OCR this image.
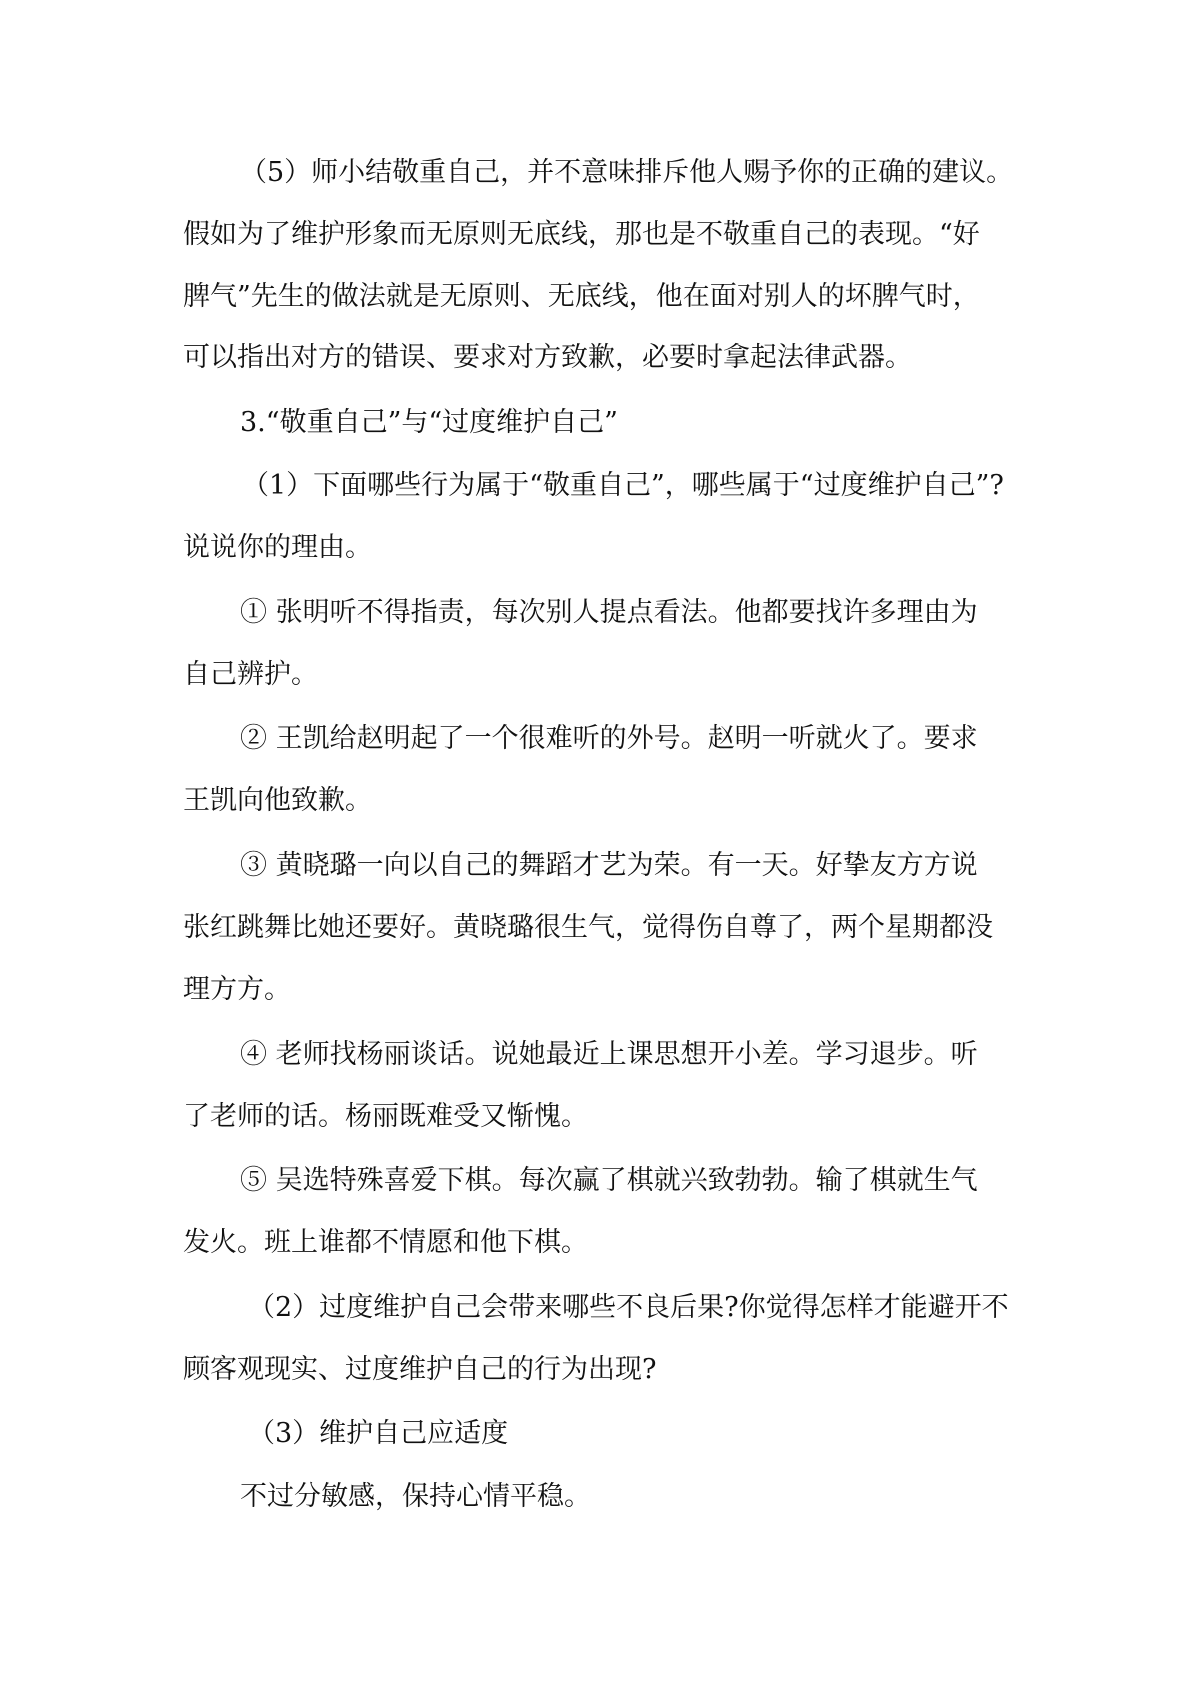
（5）师小结敬重自己，并不意味排斥他人赐予你的正确的建议。

假如为了维护形象而无原则无底线，那也是不敬重自己的表现。“好

脾气”先生的做法就是无原则、无底线，他在面对别人的坏脾气时，

可以指出对方的错误、要求对方致歉，必要时拿起法律武器。

3.“敬重自己”与“过度维护自己”

（1）下面哪些行为属于“敬重自己”，哪些属于“过度维护自己”?

说说你的理由。

① 张明听不得指责，每次别人提点看法。他都要找许多理由为

自己辨护。

② 王凯给赵明起了一个很难听的外号。赵明一听就火了。要求

王凯向他致歉。

③ 黄晓璐一向以自己的舞蹈才艺为荣。有一天。好挚友方方说

张红跳舞比她还要好。黄晓璐很生气，觉得伤自尊了，两个星期都没

理方方。

④ 老师找杨丽谈话。说她最近上课思想开小差。学习退步。听

了老师的话。杨丽既难受又惭愧。

⑤ 吴选特殊喜爱下棋。每次赢了棋就兴致勃勃。输了棋就生气

发火。班上谁都不情愿和他下棋。

（2）过度维护自己会带来哪些不良后果?你觉得怎样才能避开不

顾客观现实、过度维护自己的行为出现?

（3）维护自己应适度

不过分敏感，保持心情平稳。
